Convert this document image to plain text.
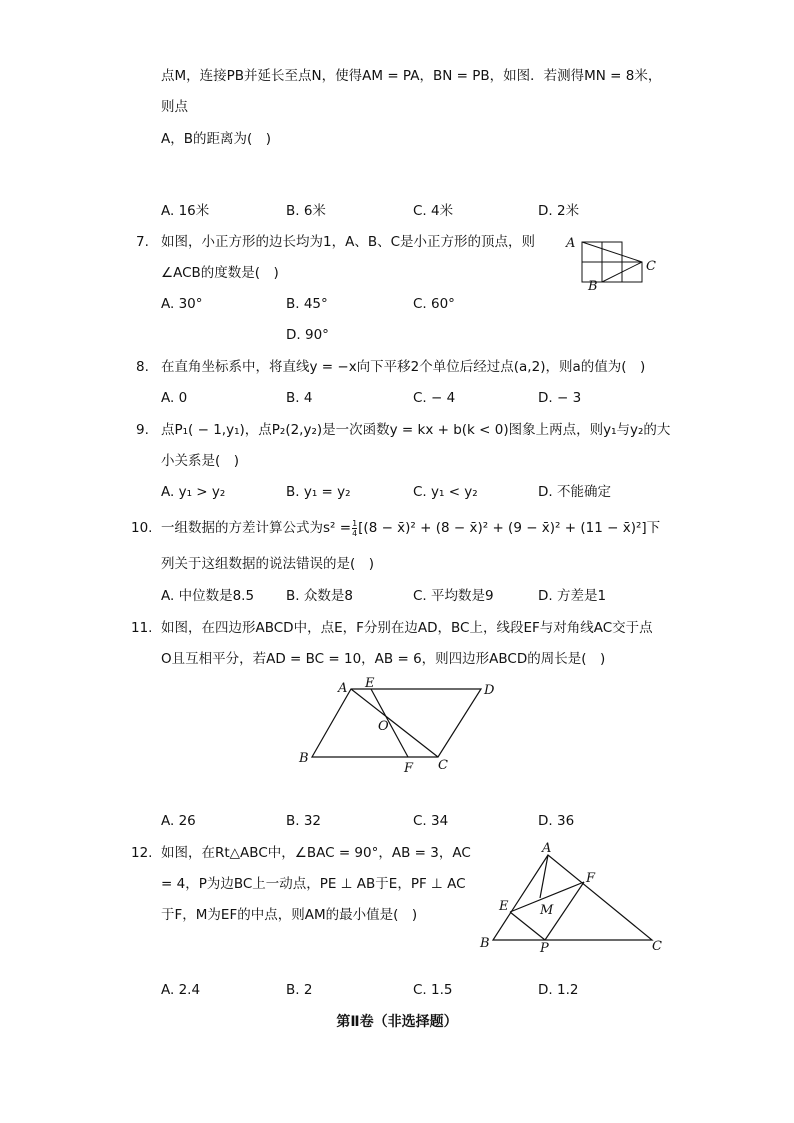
点M，连接PB并延长至点N，使得AM = PA，BN = PB，如图．若测得MN = 8米，
则点
A，B的距离为(　)
A. 16米	B. 6米	C. 4米	D. 2米
7. 如图，小正方形的边长均为1，A、B、C是小正方形的顶点，则
∠ACB的度数是(　)
A. 30°	B. 45°	C. 60°
D. 90°
A
B
C
8. 在直角坐标系中，将直线y = −x向下平移2个单位后经过点(a,2)，则a的值为(　)
A. 0	B. 4	C. − 4	D. − 3
9. 点P₁( − 1,y₁)，点P₂(2,y₂)是一次函数y = kx + b(k < 0)图象上两点，则y₁与y₂的大
小关系是(　)
A. y₁ > y₂	B. y₁ = y₂	C. y₁ < y₂	D. 不能确定
10. 一组数据的方差计算公式为$s^2 = \frac{1}{4} [(8$ − x̄)² + (8 − x̄)² + (9 − x̄)² + (11 − x̄)²]下
列关于这组数据的说法错误的是(　)
A. 中位数是8.5 B. 众数是8	C. 平均数是9	D. 方差是1
11. 如图，在四边形ABCD中，点E，F分别在边AD，BC上，线段EF与对角线AC交于点
O且互相平分，若AD = BC = 10，AB = 6，则四边形ABCD的周长是(　)
A E	D
O
B
F C
A. 26	B. 32	C. 34	D. 36
12. 如图，在Rt△ABC中，∠BAC = 90°，AB = 3，AC
= 4，P为边BC上一动点，PE ⊥ AB于E，PF ⊥ AC
于F，M为EF的中点，则AM的最小值是(　)
A
F
E M
B	P	C
A. 2.4	B. 2	C. 1.5	D. 1.2
第Ⅱ卷（非选择题）
